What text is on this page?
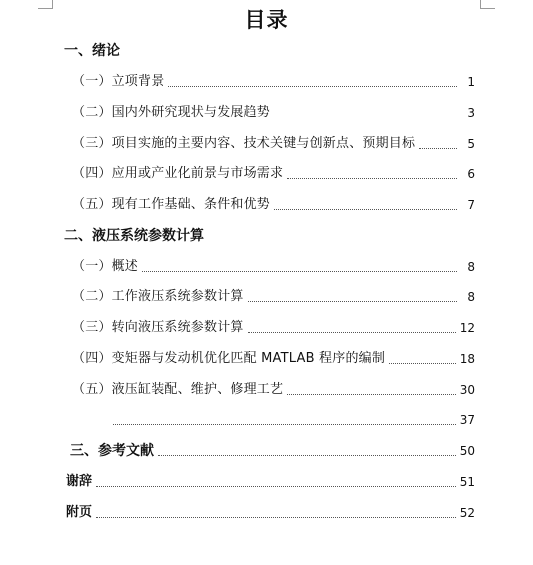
目录
一、绪论
（一）立项背景	1
（二）国内外研究现状与发展趋势	3
（三）项目实施的主要内容、技术关键与创新点、预期目标	5
（四）应用或产业化前景与市场需求	6
（五）现有工作基础、条件和优势	7
二、液压系统参数计算
（一）概述	8
（二）工作液压系统参数计算	8
（三）转向液压系统参数计算	12
（四）变矩器与发动机优化匹配 MATLAB 程序的编制	18
（五）液压缸装配、维护、修理工艺	30
37
三、参考文献	50
谢辞	51
附页	52
